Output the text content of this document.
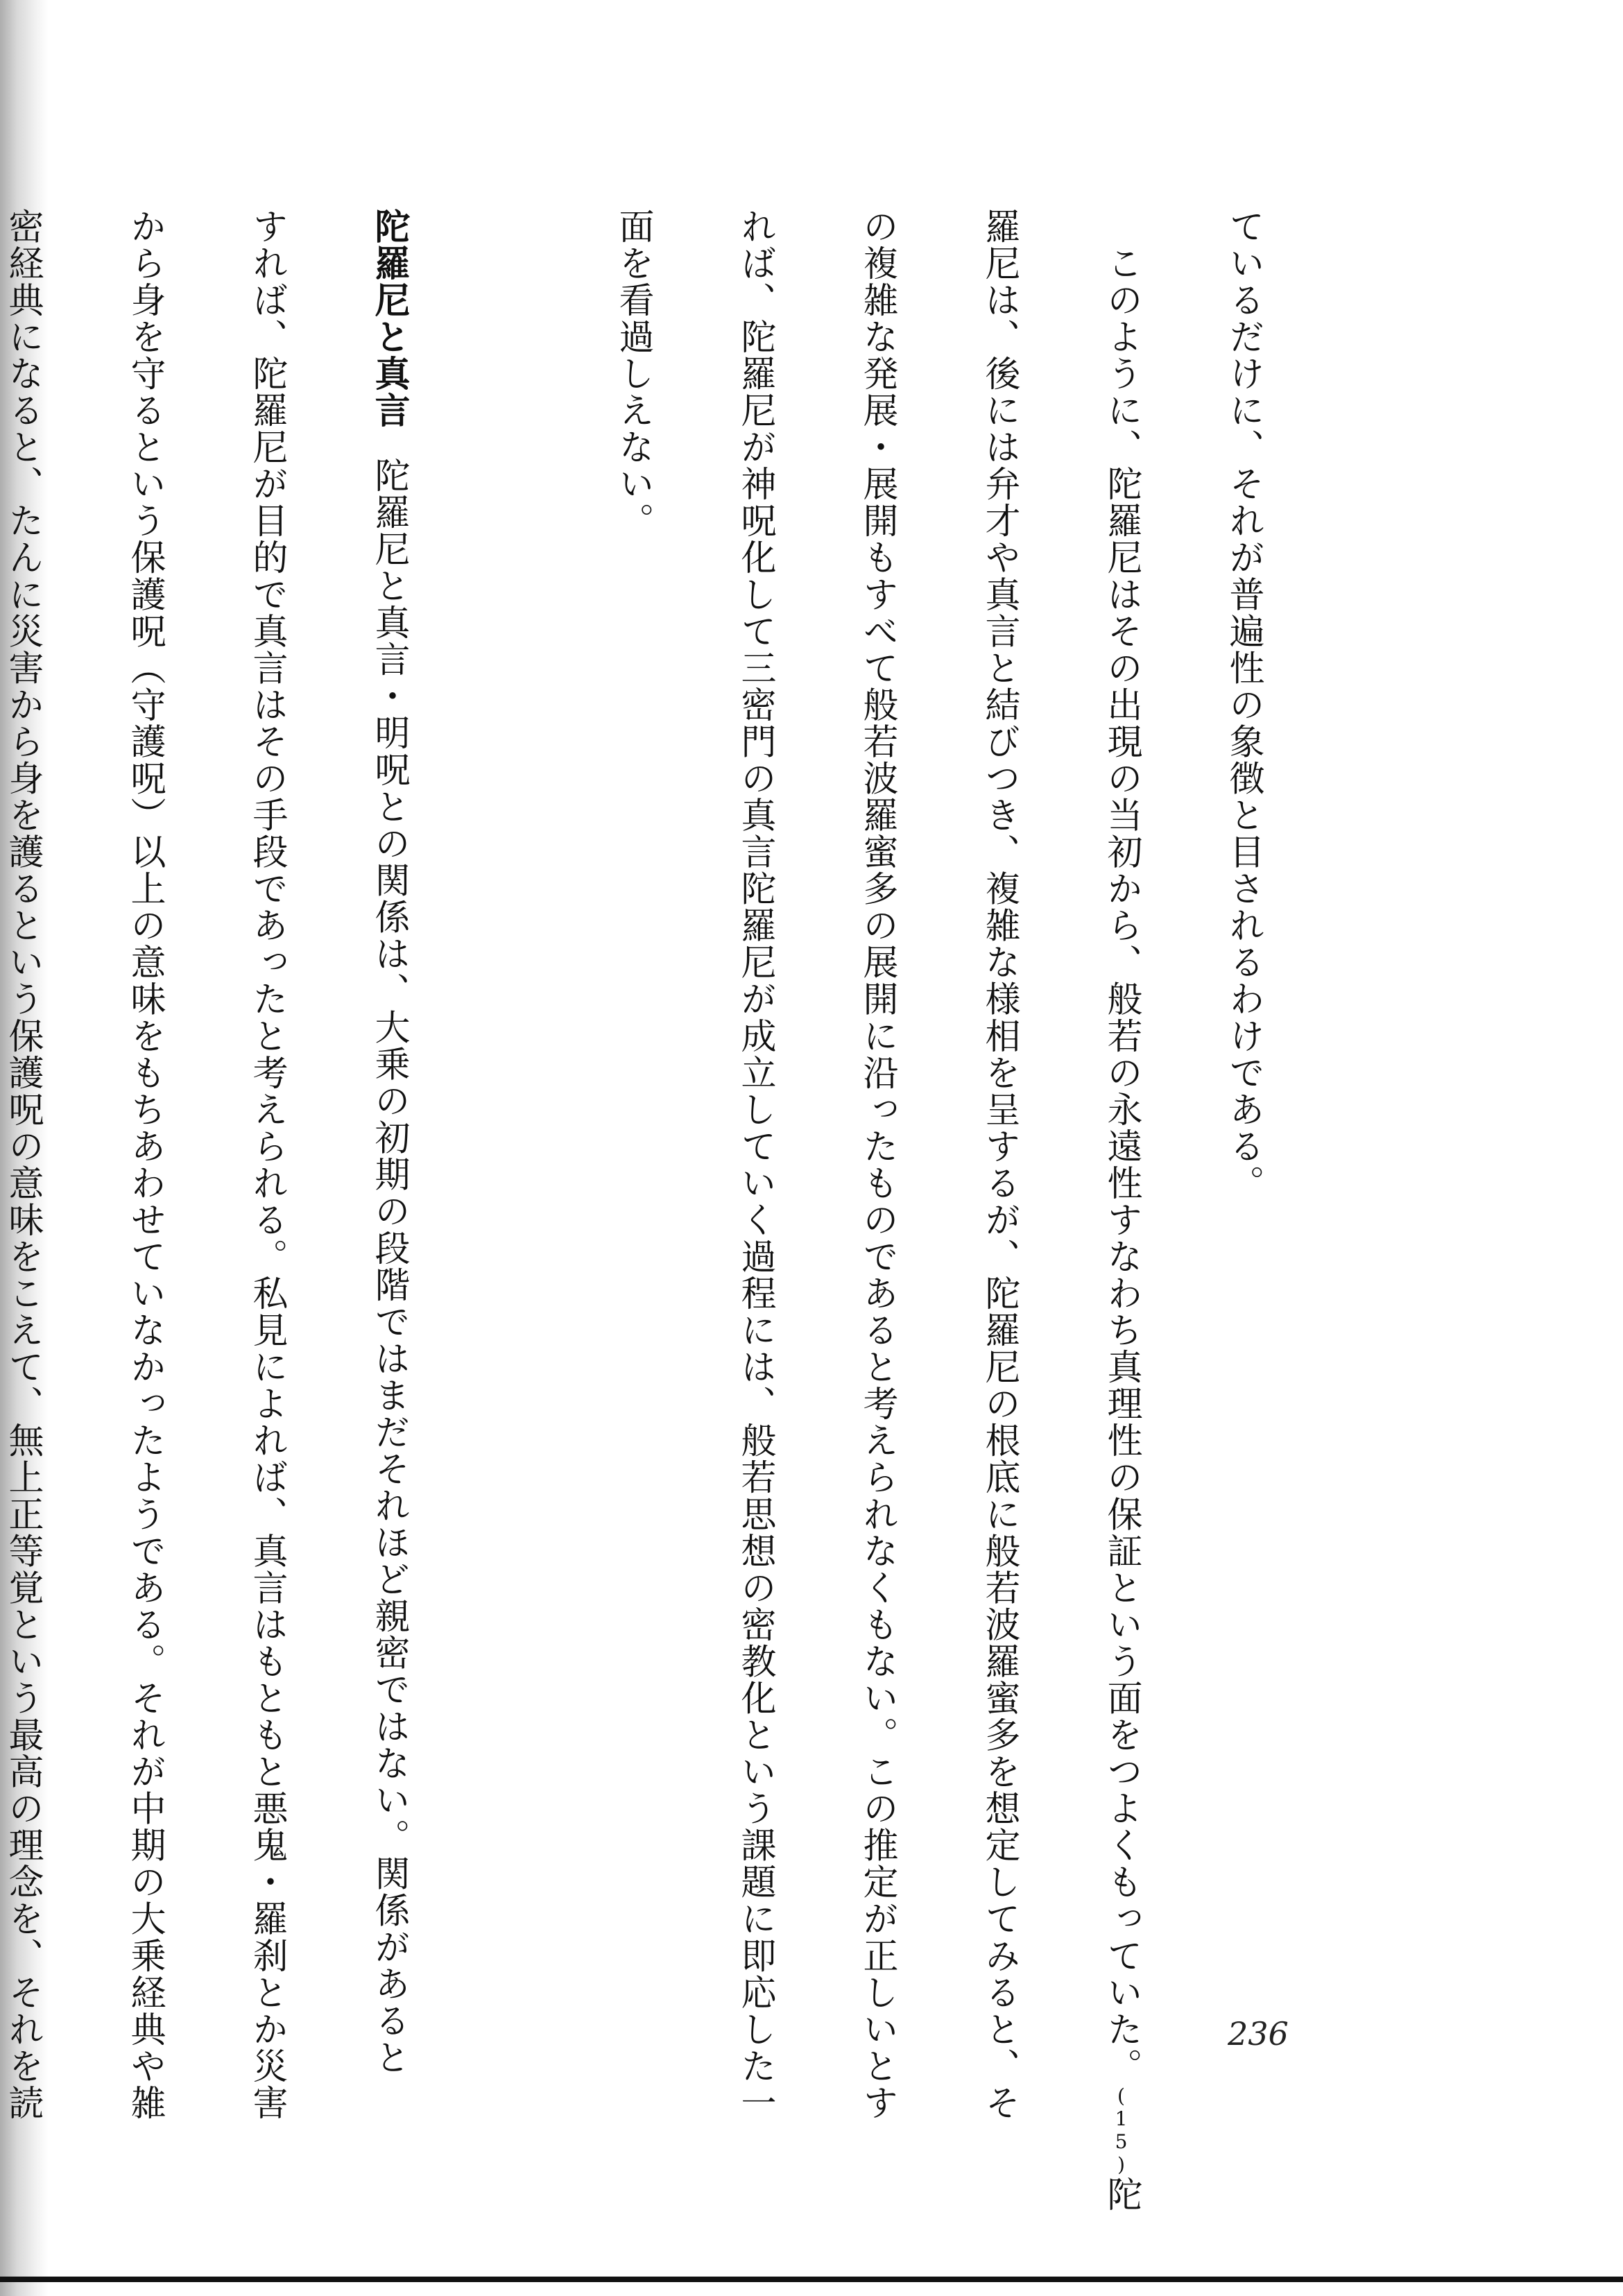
ているだけに、それが普遍性の象徴と目されるわけである。
　このように、陀羅尼はその出現の当初から、般若の永遠性すなわち真理性の保証という面をつよくもっていた。(15)陀
羅尼は、後には弁才や真言と結びつき、複雑な様相を呈するが、陀羅尼の根底に般若波羅蜜多を想定してみると、そ
の複雑な発展・展開もすべて般若波羅蜜多の展開に沿ったものであると考えられなくもない。この推定が正しいとす
れば、陀羅尼が神呪化して三密門の真言陀羅尼が成立していく過程には、般若思想の密教化という課題に即応した一
面を看過しえない。

陀羅尼と真言陀羅尼と真言・明呪との関係は、大乗の初期の段階ではまだそれほど親密ではない。関係があると
すれば、陀羅尼が目的で真言はその手段であったと考えられる。私見によれば、真言はもともと悪鬼・羅刹とか災害
から身を守るという保護呪（守護呪）以上の意味をもちあわせていなかったようである。それが中期の大乗経典や雑
密経典になると、たんに災害から身を護るという保護呪の意味をこえて、無上正等覚という最高の理念を、それを読	236
